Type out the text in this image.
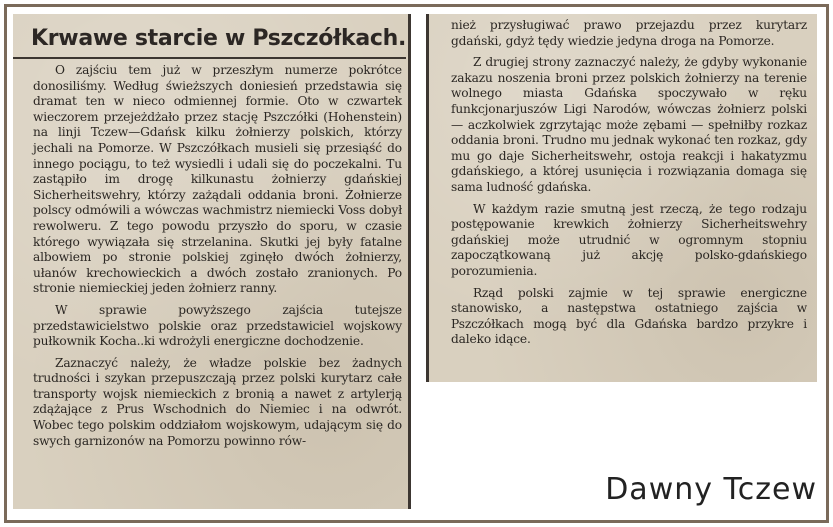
Krwawe starcie w Pszczółkach.

O zajściu tem już w przeszłym numerze pokrótce donosiliśmy. Według świeższych doniesień przedstawia się dramat ten w nieco odmiennej formie. Oto w czwartek wieczorem przejeżdżało przez stację Pszczółki (Hohenstein) na linji Tczew—Gdańsk kilku żołnierzy polskich, którzy jechali na Pomorze. W Pszczółkach musieli się przesiąść do innego pociągu, to też wysiedli i udali się do poczekalni. Tu zastąpiło im drogę kilkunastu żołnierzy gdańskiej Sicherheitswehry, którzy zażądali oddania broni. Żołnierze polscy odmówili a wówczas wachmistrz niemiecki Voss dobył rewolweru. Z tego powodu przyszło do sporu, w czasie którego wywiązała się strzelanina. Skutki jej były fatalne albowiem po stronie polskiej zginęło dwóch żołnierzy, ułanów krechowieckich a dwóch zostało zranionych. Po stronie niemieckiej jeden żołnierz ranny.

W sprawie powyższego zajścia tutejsze przedstawicielstwo polskie oraz przedstawiciel wojskowy pułkownik Kocha..ki wdrożyli energiczne dochodzenie.

Zaznaczyć należy, że władze polskie bez żadnych trudności i szykan przepuszczają przez polski kurytarz całe transporty wojsk niemieckich z bronią a nawet z artylerją zdążające z Prus Wschodnich do Niemiec i na odwrót. Wobec tego polskim oddziałom wojskowym, udającym się do swych garnizonów na Pomorzu powinno rów-

nież przysługiwać prawo przejazdu przez kurytarz gdański, gdyż tędy wiedzie jedyna droga na Pomorze.

Z drugiej strony zaznaczyć należy, że gdyby wykonanie zakazu noszenia broni przez polskich żołnierzy na terenie wolnego miasta Gdańska spoczywało w ręku funkcjonarjuszów Ligi Narodów, wówczas żołnierz polski — aczkolwiek zgrzytając może zębami — spełniłby rozkaz oddania broni. Trudno mu jednak wykonać ten rozkaz, gdy mu go daje Sicherheitswehr, ostoja reakcji i hakatyzmu gdańskiego, a której usunięcia i rozwiązania domaga się sama ludność gdańska.

W każdym razie smutną jest rzeczą, że tego rodzaju postępowanie krewkich żołnierzy Sicherheitswehry gdańskiej może utrudnić w ogromnym stopniu zapoczątkowaną już akcję polsko-gdańskiego porozumienia.

Rząd polski zajmie w tej sprawie energiczne stanowisko, a następstwa ostatniego zajścia w Pszczółkach mogą być dla Gdańska bardzo przykre i daleko idące.

Dawny Tczew
